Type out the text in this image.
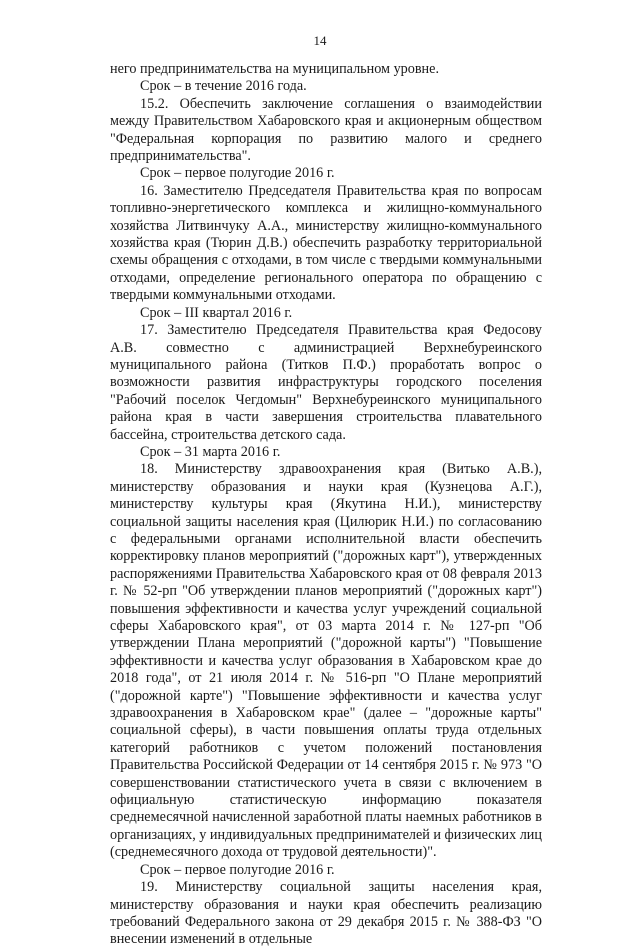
14

него предпринимательства на муниципальном уровне.

Срок – в течение 2016 года.

15.2. Обеспечить заключение соглашения о взаимодействии между Правительством Хабаровского края и акционерным обществом "Федеральная корпорация по развитию малого и среднего предпринимательства".

Срок – первое полугодие 2016 г.

16. Заместителю Председателя Правительства края по вопросам топливно-энергетического комплекса и жилищно-коммунального хозяйства Литвинчуку А.А., министерству жилищно-коммунального хозяйства края (Тюрин Д.В.) обеспечить разработку территориальной схемы обращения с отходами, в том числе с твердыми коммунальными отходами, определение регионального оператора по обращению с твердыми коммунальными отходами.

Срок – III квартал 2016 г.

17. Заместителю Председателя Правительства края Федосову А.В. совместно с администрацией Верхнебуреинского муниципального района (Титков П.Ф.) проработать вопрос о возможности развития инфраструктуры городского поселения "Рабочий поселок Чегдомын" Верхнебуреинского муниципального района края в части завершения строительства плавательного бассейна, строительства детского сада.

Срок – 31 марта 2016 г.

18. Министерству здравоохранения края (Витько А.В.), министерству образования и науки края (Кузнецова А.Г.), министерству культуры края (Якутина Н.И.), министерству социальной защиты населения края (Цилюрик Н.И.) по согласованию с федеральными органами исполнительной власти обеспечить корректировку планов мероприятий ("дорожных карт"), утвержденных распоряжениями Правительства Хабаровского края от 08 февраля 2013 г. № 52-рп "Об утверждении планов мероприятий ("дорожных карт") повышения эффективности и качества услуг учреждений социальной сферы Хабаровского края", от 03 марта 2014 г. № 127-рп "Об утверждении Плана мероприятий ("дорожной карты") "Повышение эффективности и качества услуг образования в Хабаровском крае до 2018 года", от 21 июля 2014 г. № 516-рп "О Плане мероприятий ("дорожной карте") "Повышение эффективности и качества услуг здравоохранения в Хабаровском крае" (далее – "дорожные карты" социальной сферы), в части повышения оплаты труда отдельных категорий работников с учетом положений постановления Правительства Российской Федерации от 14 сентября 2015 г. № 973 "О совершенствовании статистического учета в связи с включением в официальную статистическую информацию показателя среднемесячной начисленной заработной платы наемных работников в организациях, у индивидуальных предпринимателей и физических лиц (среднемесячного дохода от трудовой деятельности)".

Срок – первое полугодие 2016 г.

19. Министерству социальной защиты населения края, министерству образования и науки края обеспечить реализацию требований Федерального закона от 29 декабря 2015 г. № 388-ФЗ "О внесении изменений в отдельные
